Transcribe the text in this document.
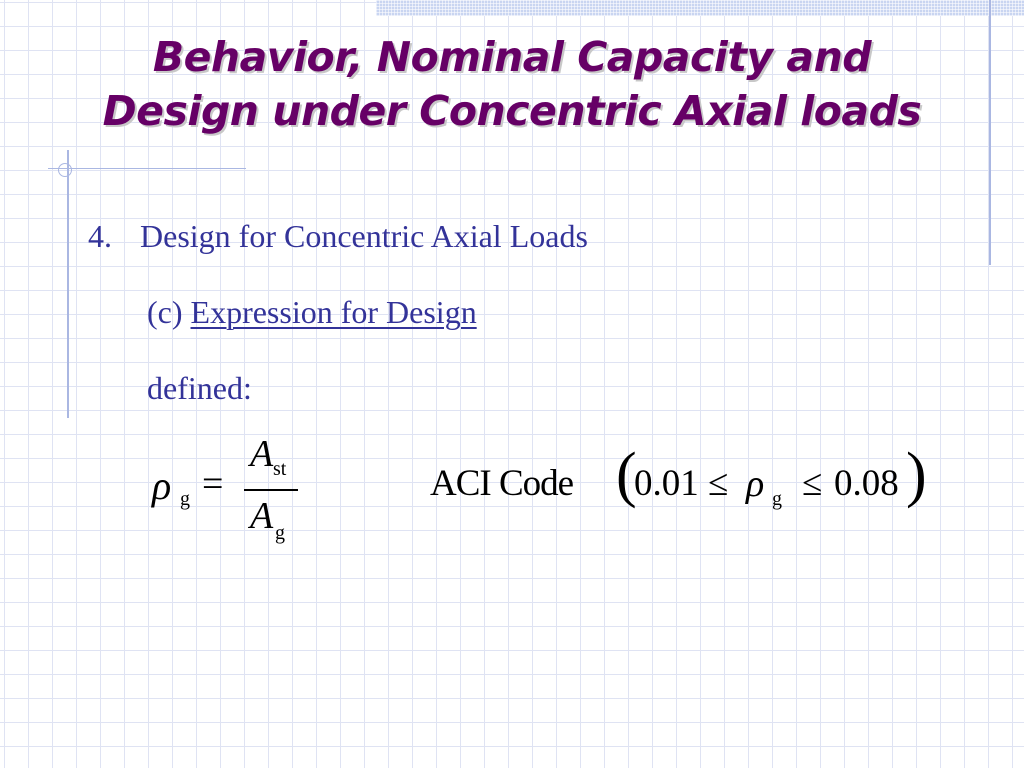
Behavior, Nominal Capacity and
Design under Concentric Axial loads
4. Design for Concentric Axial Loads
(c) Expression for Design
defined:
ρ g =
A st
A g
ACI Code (
0.01 ≤ ρ g ≤ 0.08 )
